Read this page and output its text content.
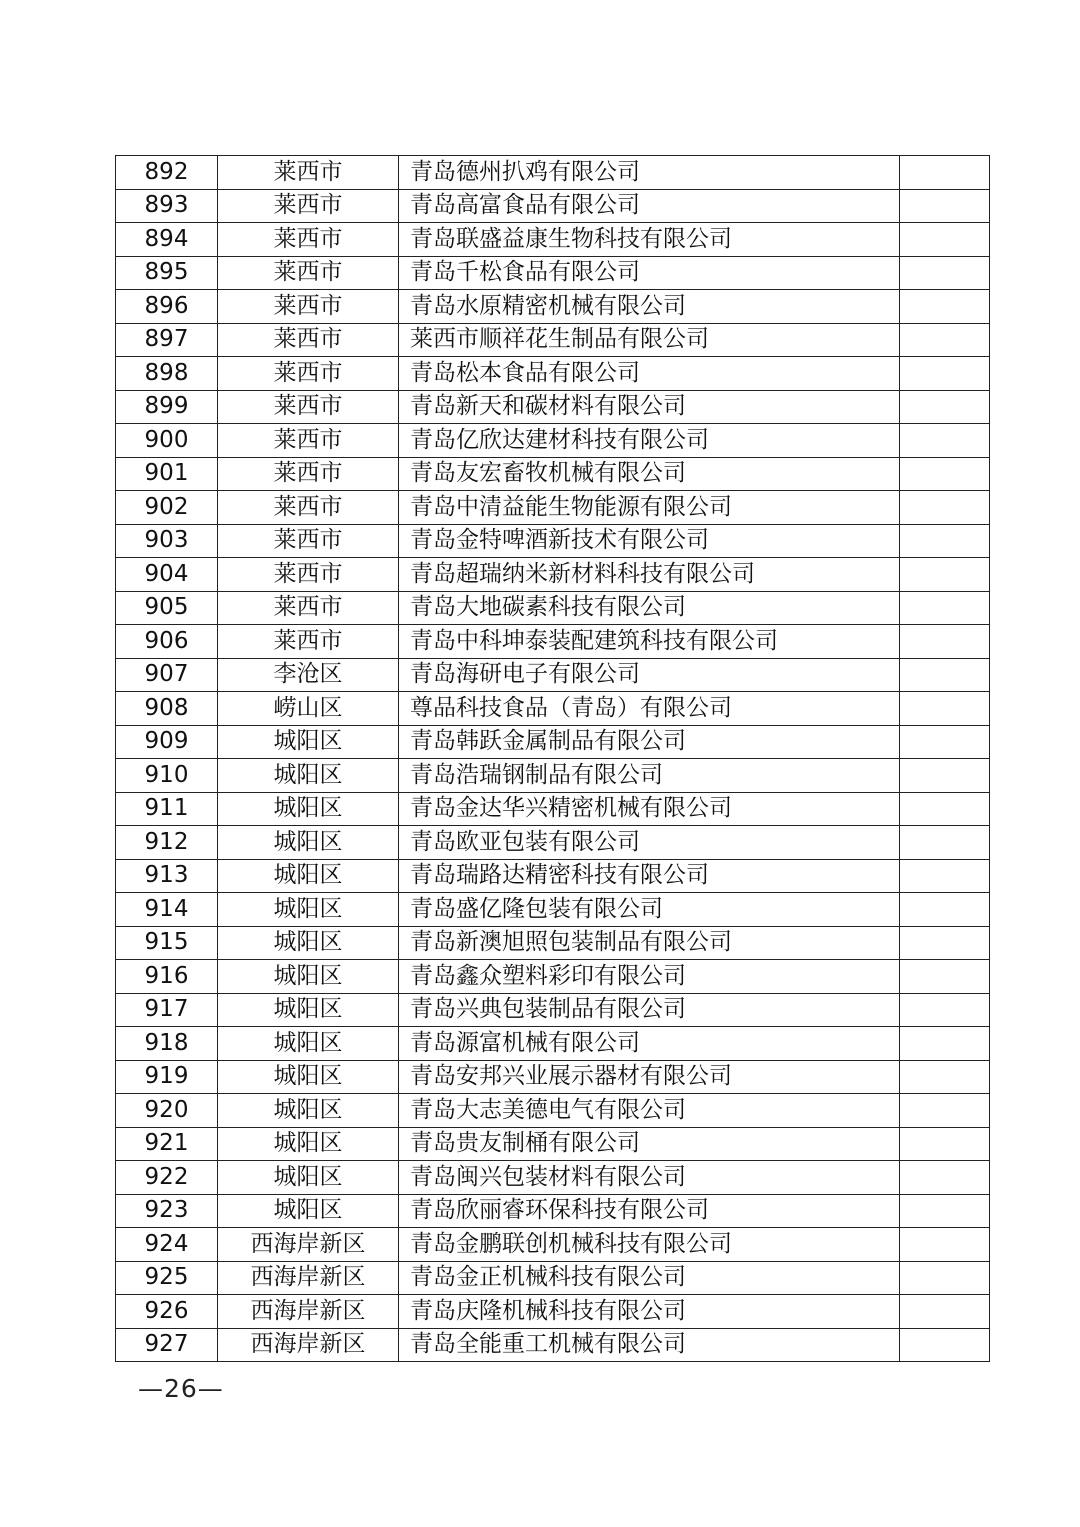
892	莱西市	青岛德州扒鸡有限公司	
893	莱西市	青岛高富食品有限公司	
894	莱西市	青岛联盛益康生物科技有限公司	
895	莱西市	青岛千松食品有限公司	
896	莱西市	青岛水原精密机械有限公司	
897	莱西市	莱西市顺祥花生制品有限公司	
898	莱西市	青岛松本食品有限公司	
899	莱西市	青岛新天和碳材料有限公司	
900	莱西市	青岛亿欣达建材科技有限公司	
901	莱西市	青岛友宏畜牧机械有限公司	
902	莱西市	青岛中清益能生物能源有限公司	
903	莱西市	青岛金特啤酒新技术有限公司	
904	莱西市	青岛超瑞纳米新材料科技有限公司	
905	莱西市	青岛大地碳素科技有限公司	
906	莱西市	青岛中科坤泰装配建筑科技有限公司	
907	李沧区	青岛海研电子有限公司	
908	崂山区	尊品科技食品（青岛）有限公司	
909	城阳区	青岛韩跃金属制品有限公司	
910	城阳区	青岛浩瑞钢制品有限公司	
911	城阳区	青岛金达华兴精密机械有限公司	
912	城阳区	青岛欧亚包装有限公司	
913	城阳区	青岛瑞路达精密科技有限公司	
914	城阳区	青岛盛亿隆包装有限公司	
915	城阳区	青岛新澳旭照包装制品有限公司	
916	城阳区	青岛鑫众塑料彩印有限公司	
917	城阳区	青岛兴典包装制品有限公司	
918	城阳区	青岛源富机械有限公司	
919	城阳区	青岛安邦兴业展示器材有限公司	
920	城阳区	青岛大志美德电气有限公司	
921	城阳区	青岛贵友制桶有限公司	
922	城阳区	青岛闽兴包装材料有限公司	
923	城阳区	青岛欣丽睿环保科技有限公司	
924	西海岸新区	青岛金鹏联创机械科技有限公司	
925	西海岸新区	青岛金正机械科技有限公司	
926	西海岸新区	青岛庆隆机械科技有限公司	
927	西海岸新区	青岛全能重工机械有限公司	
—26—
